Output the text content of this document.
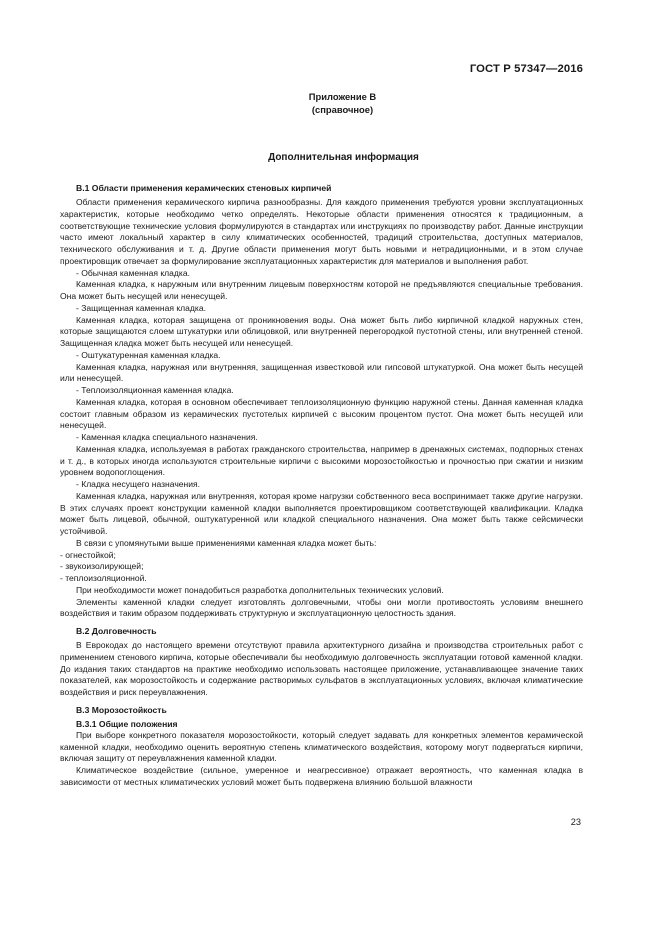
ГОСТ Р 57347—2016
Приложение В
(справочное)
Дополнительная информация
В.1 Области применения керамических стеновых кирпичей

Области применения керамического кирпича разнообразны. Для каждого применения требуются уровни эксплуатационных характеристик, которые необходимо четко определять. Некоторые области применения относятся к традиционным, а соответствующие технические условия формулируются в стандартах или инструкциях по производству работ. Данные инструкции часто имеют локальный характер в силу климатических особенностей, традиций строительства, доступных материалов, технического обслуживания и т. д. Другие области применения могут быть новыми и нетрадиционными, и в этом случае проектировщик отвечает за формулирование эксплуатационных характеристик для материалов и выполнения работ.

- Обычная каменная кладка.

Каменная кладка, к наружным или внутренним лицевым поверхностям которой не предъявляются специальные требования. Она может быть несущей или ненесущей.

- Защищенная каменная кладка.

Каменная кладка, которая защищена от проникновения воды. Она может быть либо кирпичной кладкой наружных стен, которые защищаются слоем штукатурки или облицовкой, или внутренней перегородкой пустотной стены, или внутренней стеной. Защищенная кладка может быть несущей или ненесущей.

- Оштукатуренная каменная кладка.

Каменная кладка, наружная или внутренняя, защищенная известковой или гипсовой штукатуркой. Она может быть несущей или ненесущей.

- Теплоизоляционная каменная кладка.

Каменная кладка, которая в основном обеспечивает теплоизоляционную функцию наружной стены. Данная каменная кладка состоит главным образом из керамических пустотелых кирпичей с высоким процентом пустот. Она может быть несущей или ненесущей.

- Каменная кладка специального назначения.

Каменная кладка, используемая в работах гражданского строительства, например в дренажных системах, подпорных стенах и т. д., в которых иногда используются строительные кирпичи с высокими морозостойкостью и прочностью при сжатии и низким уровнем водопоглощения.

- Кладка несущего назначения.

Каменная кладка, наружная или внутренняя, которая кроме нагрузки собственного веса воспринимает также другие нагрузки. В этих случаях проект конструкции каменной кладки выполняется проектировщиком соответствующей квалификации. Кладка может быть лицевой, обычной, оштукатуренной или кладкой специального назначения. Она может быть также сейсмически устойчивой.

В связи с упомянутыми выше применениями каменная кладка может быть:

- огнестойкой;

- звукоизолирующей;

- теплоизоляционной.

При необходимости может понадобиться разработка дополнительных технических условий.

Элементы каменной кладки следует изготовлять долговечными, чтобы они могли противостоять условиям внешнего воздействия и таким образом поддерживать структурную и эксплуатационную целостность здания.

В.2 Долговечность

В Еврокодах до настоящего времени отсутствуют правила архитектурного дизайна и производства строительных работ с применением стенового кирпича, которые обеспечивали бы необходимую долговечность эксплуатации готовой каменной кладки. До издания таких стандартов на практике необходимо использовать настоящее приложение, устанавливающее значение таких показателей, как морозостойкость и содержание растворимых сульфатов в эксплуатационных условиях, включая климатические воздействия и риск переувлажнения.

В.3 Морозостойкость
В.3.1 Общие положения

При выборе конкретного показателя морозостойкости, который следует задавать для конкретных элементов керамической каменной кладки, необходимо оценить вероятную степень климатического воздействия, которому могут подвергаться кирпичи, включая защиту от переувлажнения каменной кладки.

Климатическое воздействие (сильное, умеренное и неагрессивное) отражает вероятность, что каменная кладка в зависимости от местных климатических условий может быть подвержена влиянию большой влажности

23
